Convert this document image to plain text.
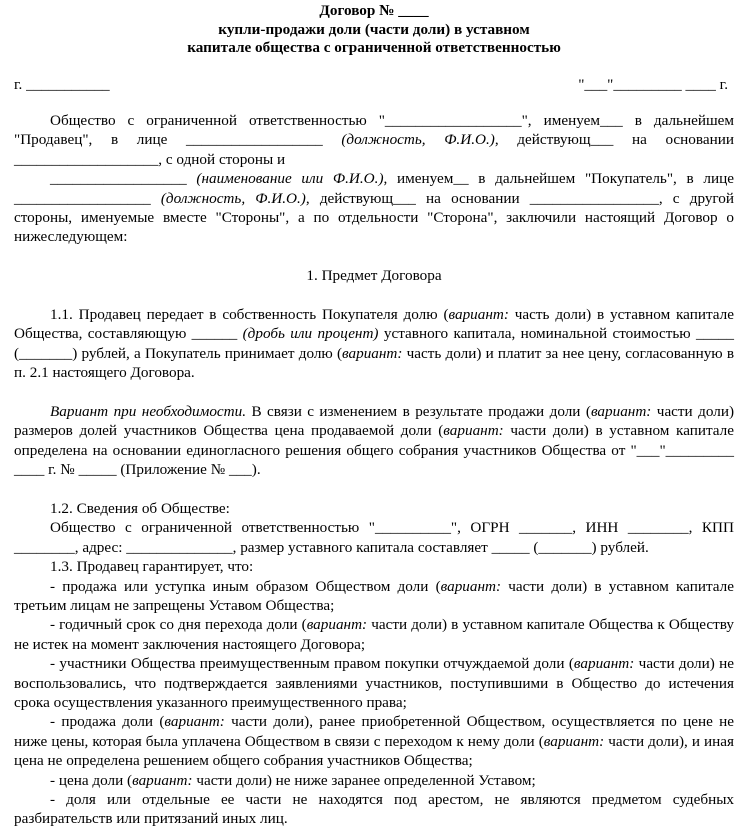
Договор № ____
купли-продажи доли (части доли) в уставном
капитале общества с ограниченной ответственностью
г. ___________	"___"_________ ____ г.

Общество с ограниченной ответственностью "__________________", именуем___ в дальнейшем "Продавец", в лице __________________ (должность, Ф.И.О.), действующ___ на основании ___________________, с одной стороны и

__________________ (наименование или Ф.И.О.), именуем__ в дальнейшем "Покупатель", в лице __________________ (должность, Ф.И.О.), действующ___ на основании _________________, с другой стороны, именуемые вместе "Стороны", а по отдельности "Сторона", заключили настоящий Договор о нижеследующем:

1. Предмет Договора

1.1. Продавец передает в собственность Покупателя долю (вариант: часть доли) в уставном капитале Общества, составляющую ______ (дробь или процент) уставного капитала, номинальной стоимостью _____ (_______) рублей, а Покупатель принимает долю (вариант: часть доли) и платит за нее цену, согласованную в п. 2.1 настоящего Договора.

Вариант при необходимости. В связи с изменением в результате продажи доли (вариант: части доли) размеров долей участников Общества цена продаваемой доли (вариант: части доли) в уставном капитале определена на основании единогласного решения общего собрания участников Общества от "___"_________ ____ г. № _____ (Приложение № ___).

1.2. Сведения об Обществе:

Общество с ограниченной ответственностью "__________", ОГРН _______, ИНН ________, КПП ________, адрес: ______________, размер уставного капитала составляет _____ (_______) рублей.

1.3. Продавец гарантирует, что:

- продажа или уступка иным образом Обществом доли (вариант: части доли) в уставном капитале третьим лицам не запрещены Уставом Общества;

- годичный срок со дня перехода доли (вариант: части доли) в уставном капитале Общества к Обществу не истек на момент заключения настоящего Договора;

- участники Общества преимущественным правом покупки отчуждаемой доли (вариант: части доли) не воспользовались, что подтверждается заявлениями участников, поступившими в Общество до истечения срока осуществления указанного преимущественного права;

- продажа доли (вариант: части доли), ранее приобретенной Обществом, осуществляется по цене не ниже цены, которая была уплачена Обществом в связи с переходом к нему доли (вариант: части доли), и иная цена не определена решением общего собрания участников Общества;

- цена доли (вариант: части доли) не ниже заранее определенной Уставом;

- доля или отдельные ее части не находятся под арестом, не являются предметом судебных разбирательств или притязаний иных лиц.
